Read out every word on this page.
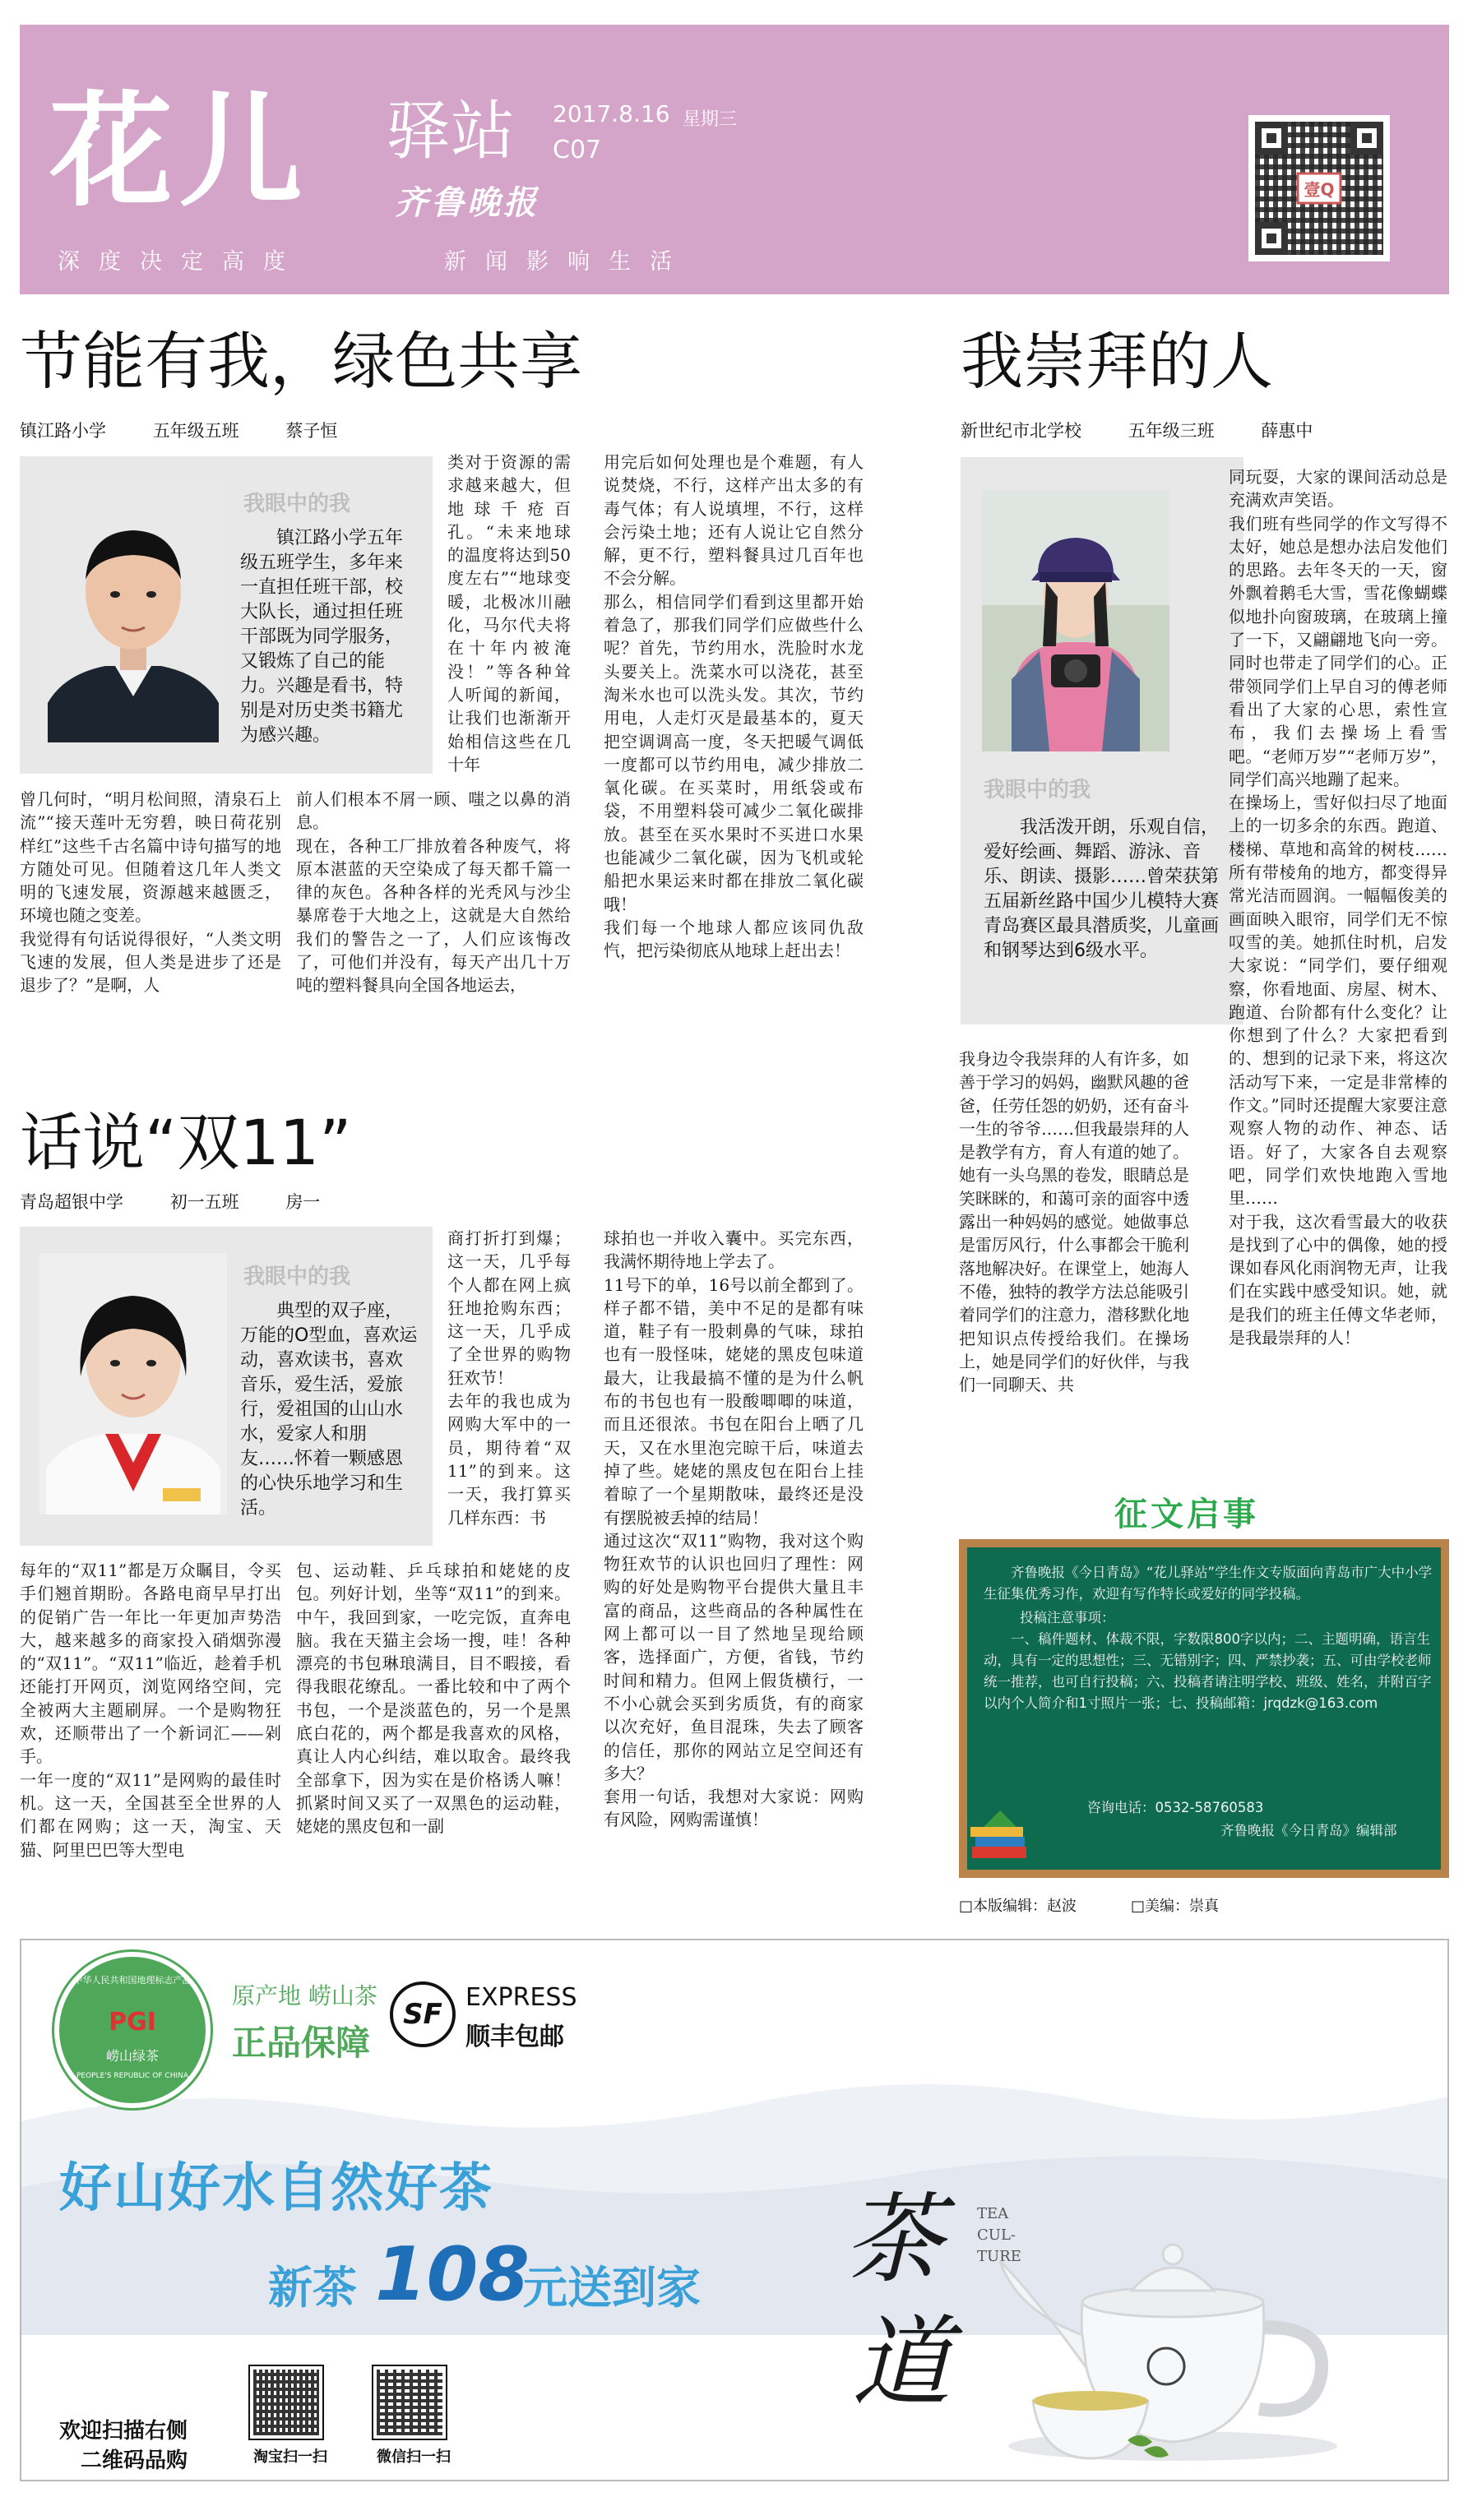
花儿 驿站
齐鲁晚报
2017.8.16 星期三
C07
深度决定高度	新闻影响生活
壹Q
节能有我，绿色共享
镇江路小学	五年级五班	蔡子恒
我眼中的我
镇江路小学五年级五班学生，多年来一直担任班干部，校大队长，通过担任班干部既为同学服务，又锻炼了自己的能力。兴趣是看书，特别是对历史类书籍尤为感兴趣。
曾几何时，“明月松间照，清泉石上流”“接天莲叶无穷碧，映日荷花别样红”这些千古名篇中诗句描写的地方随处可见。但随着这几年人类文明的飞速发展，资源越来越匮乏，环境也随之变差。
我觉得有句话说得很好，“人类文明飞速的发展，但人类是进步了还是退步了？”是啊，人
类对于资源的需求越来越大，但地球千疮百孔。“未来地球的温度将达到50度左右”“地球变暖，北极冰川融化，马尔代夫将在十年内被淹没！”等各种耸人听闻的新闻，让我们也渐渐开始相信这些在几十年
前人们根本不屑一顾、嗤之以鼻的消息。
现在，各种工厂排放着各种废气，将原本湛蓝的天空染成了每天都千篇一律的灰色。各种各样的光秃风与沙尘暴席卷于大地之上，这就是大自然给我们的警告之一了，人们应该悔改了，可他们并没有，每天产出几十万吨的塑料餐具向全国各地运去，
用完后如何处理也是个难题，有人说焚烧，不行，这样产出太多的有毒气体；有人说填埋，不行，这样会污染土地；还有人说让它自然分解，更不行，塑料餐具过几百年也不会分解。
那么，相信同学们看到这里都开始着急了，那我们同学们应做些什么呢？首先，节约用水，洗脸时水龙头要关上。洗菜水可以浇花，甚至淘米水也可以洗头发。其次，节约用电，人走灯灭是最基本的，夏天把空调调高一度，冬天把暖气调低一度都可以节约用电，减少排放二氧化碳。在买菜时，用纸袋或布袋，不用塑料袋可减少二氧化碳排放。甚至在买水果时不买进口水果也能减少二氧化碳，因为飞机或轮船把水果运来时都在排放二氧化碳哦！
我们每一个地球人都应该同仇敌忾，把污染彻底从地球上赶出去！
话说“双11”
青岛超银中学	初一五班	房一
我眼中的我
典型的双子座，万能的O型血，喜欢运动，喜欢读书，喜欢音乐，爱生活，爱旅行，爱祖国的山山水水，爱家人和朋友……怀着一颗感恩的心快乐地学习和生活。
每年的“双11”都是万众瞩目，令买手们翘首期盼。各路电商早早打出的促销广告一年比一年更加声势浩大，越来越多的商家投入硝烟弥漫的“双11”。“双11”临近，趁着手机还能打开网页，浏览网络空间，完全被两大主题刷屏。一个是购物狂欢，还顺带出了一个新词汇——剁手。
一年一度的“双11”是网购的最佳时机。这一天，全国甚至全世界的人们都在网购；这一天，淘宝、天猫、阿里巴巴等大型电
商打折打到爆；这一天，几乎每个人都在网上疯狂地抢购东西；这一天，几乎成了全世界的购物狂欢节！
去年的我也成为网购大军中的一员，期待着“双11”的到来。这一天，我打算买几样东西：书
包、运动鞋、乒乓球拍和姥姥的皮包。列好计划，坐等“双11”的到来。中午，我回到家，一吃完饭，直奔电脑。我在天猫主会场一搜，哇！各种漂亮的书包琳琅满目，目不暇接，看得我眼花缭乱。一番比较和中了两个书包，一个是淡蓝色的，另一个是黑底白花的，两个都是我喜欢的风格，真让人内心纠结，难以取舍。最终我全部拿下，因为实在是价格诱人嘛！抓紧时间又买了一双黑色的运动鞋，姥姥的黑皮包和一副
球拍也一并收入囊中。买完东西，我满怀期待地上学去了。
11号下的单，16号以前全都到了。样子都不错，美中不足的是都有味道，鞋子有一股刺鼻的气味，球拍也有一股怪味，姥姥的黑皮包味道最大，让我最搞不懂的是为什么帆布的书包也有一股酸唧唧的味道，而且还很浓。书包在阳台上晒了几天，又在水里泡完晾干后，味道去掉了些。姥姥的黑皮包在阳台上挂着晾了一个星期散味，最终还是没有摆脱被丢掉的结局！
通过这次“双11”购物，我对这个购物狂欢节的认识也回归了理性：网购的好处是购物平台提供大量且丰富的商品，这些商品的各种属性在网上都可以一目了然地呈现给顾客，选择面广，方便，省钱，节约时间和精力。但网上假货横行，一不小心就会买到劣质货，有的商家以次充好，鱼目混珠，失去了顾客的信任，那你的网站立足空间还有多大？
套用一句话，我想对大家说：网购有风险，网购需谨慎！
我崇拜的人
新世纪市北学校	五年级三班	薛惠中
我眼中的我
我活泼开朗，乐观自信，爱好绘画、舞蹈、游泳、音乐、朗读、摄影……曾荣获第五届新丝路中国少儿模特大赛青岛赛区最具潜质奖，儿童画和钢琴达到6级水平。
我身边令我崇拜的人有许多，如善于学习的妈妈，幽默风趣的爸爸，任劳任怨的奶奶，还有奋斗一生的爷爷……但我最崇拜的人是教学有方，育人有道的她了。
她有一头乌黑的卷发，眼睛总是笑眯眯的，和蔼可亲的面容中透露出一种妈妈的感觉。她做事总是雷厉风行，什么事都会干脆利落地解决好。在课堂上，她海人不倦，独特的教学方法总能吸引着同学们的注意力，潜移默化地把知识点传授给我们。在操场上，她是同学们的好伙伴，与我们一同聊天、共
同玩耍，大家的课间活动总是充满欢声笑语。
我们班有些同学的作文写得不太好，她总是想办法启发他们的思路。去年冬天的一天，窗外飘着鹅毛大雪，雪花像蝴蝶似地扑向窗玻璃，在玻璃上撞了一下，又翩翩地飞向一旁。同时也带走了同学们的心。正带领同学们上早自习的傅老师看出了大家的心思，索性宣布，我们去操场上看雪吧。“老师万岁”“老师万岁”，同学们高兴地蹦了起来。
在操场上，雪好似扫尽了地面上的一切多余的东西。跑道、楼梯、草地和高耸的树枝……所有带棱角的地方，都变得异常光洁而圆润。一幅幅俊美的画面映入眼帘，同学们无不惊叹雪的美。她抓住时机，启发大家说：“同学们，要仔细观察，你看地面、房屋、树木、跑道、台阶都有什么变化？让你想到了什么？大家把看到的、想到的记录下来，将这次活动写下来，一定是非常棒的作文。”同时还提醒大家要注意观察人物的动作、神态、话语。好了，大家各自去观察吧，同学们欢快地跑入雪地里……
对于我，这次看雪最大的收获是找到了心中的偶像，她的授课如春风化雨润物无声，让我们在实践中感受知识。她，就是我们的班主任傅文华老师，是我最崇拜的人！
征文启事
齐鲁晚报《今日青岛》“花儿驿站”学生作文专版面向青岛市广大中小学生征集优秀习作，欢迎有写作特长或爱好的同学投稿。
投稿注意事项：
一、稿件题材、体裁不限，字数限800字以内；二、主题明确，语言生动，具有一定的思想性；三、无错别字；四、严禁抄袭；五、可由学校老师统一推荐，也可自行投稿；六、投稿者请注明学校、班级、姓名，并附百字以内个人简介和1寸照片一张；七、投稿邮箱：jrqdzk@163.com
咨询电话：0532-58760583
齐鲁晚报《今日青岛》编辑部
□本版编辑：赵波	□美编：崇真
中华人民共和国地理标志产品
PGI
崂山绿茶
PEOPLE'S REPUBLIC OF CHINA
原产地 崂山茶
正品保障
SF
EXPRESS
顺丰包邮
好山好水自然好茶
新茶 108
元送到家
欢迎扫描右侧
二维码品购	淘宝扫一扫	微信扫一扫
茶
道
TEA
CUL-
TURE
